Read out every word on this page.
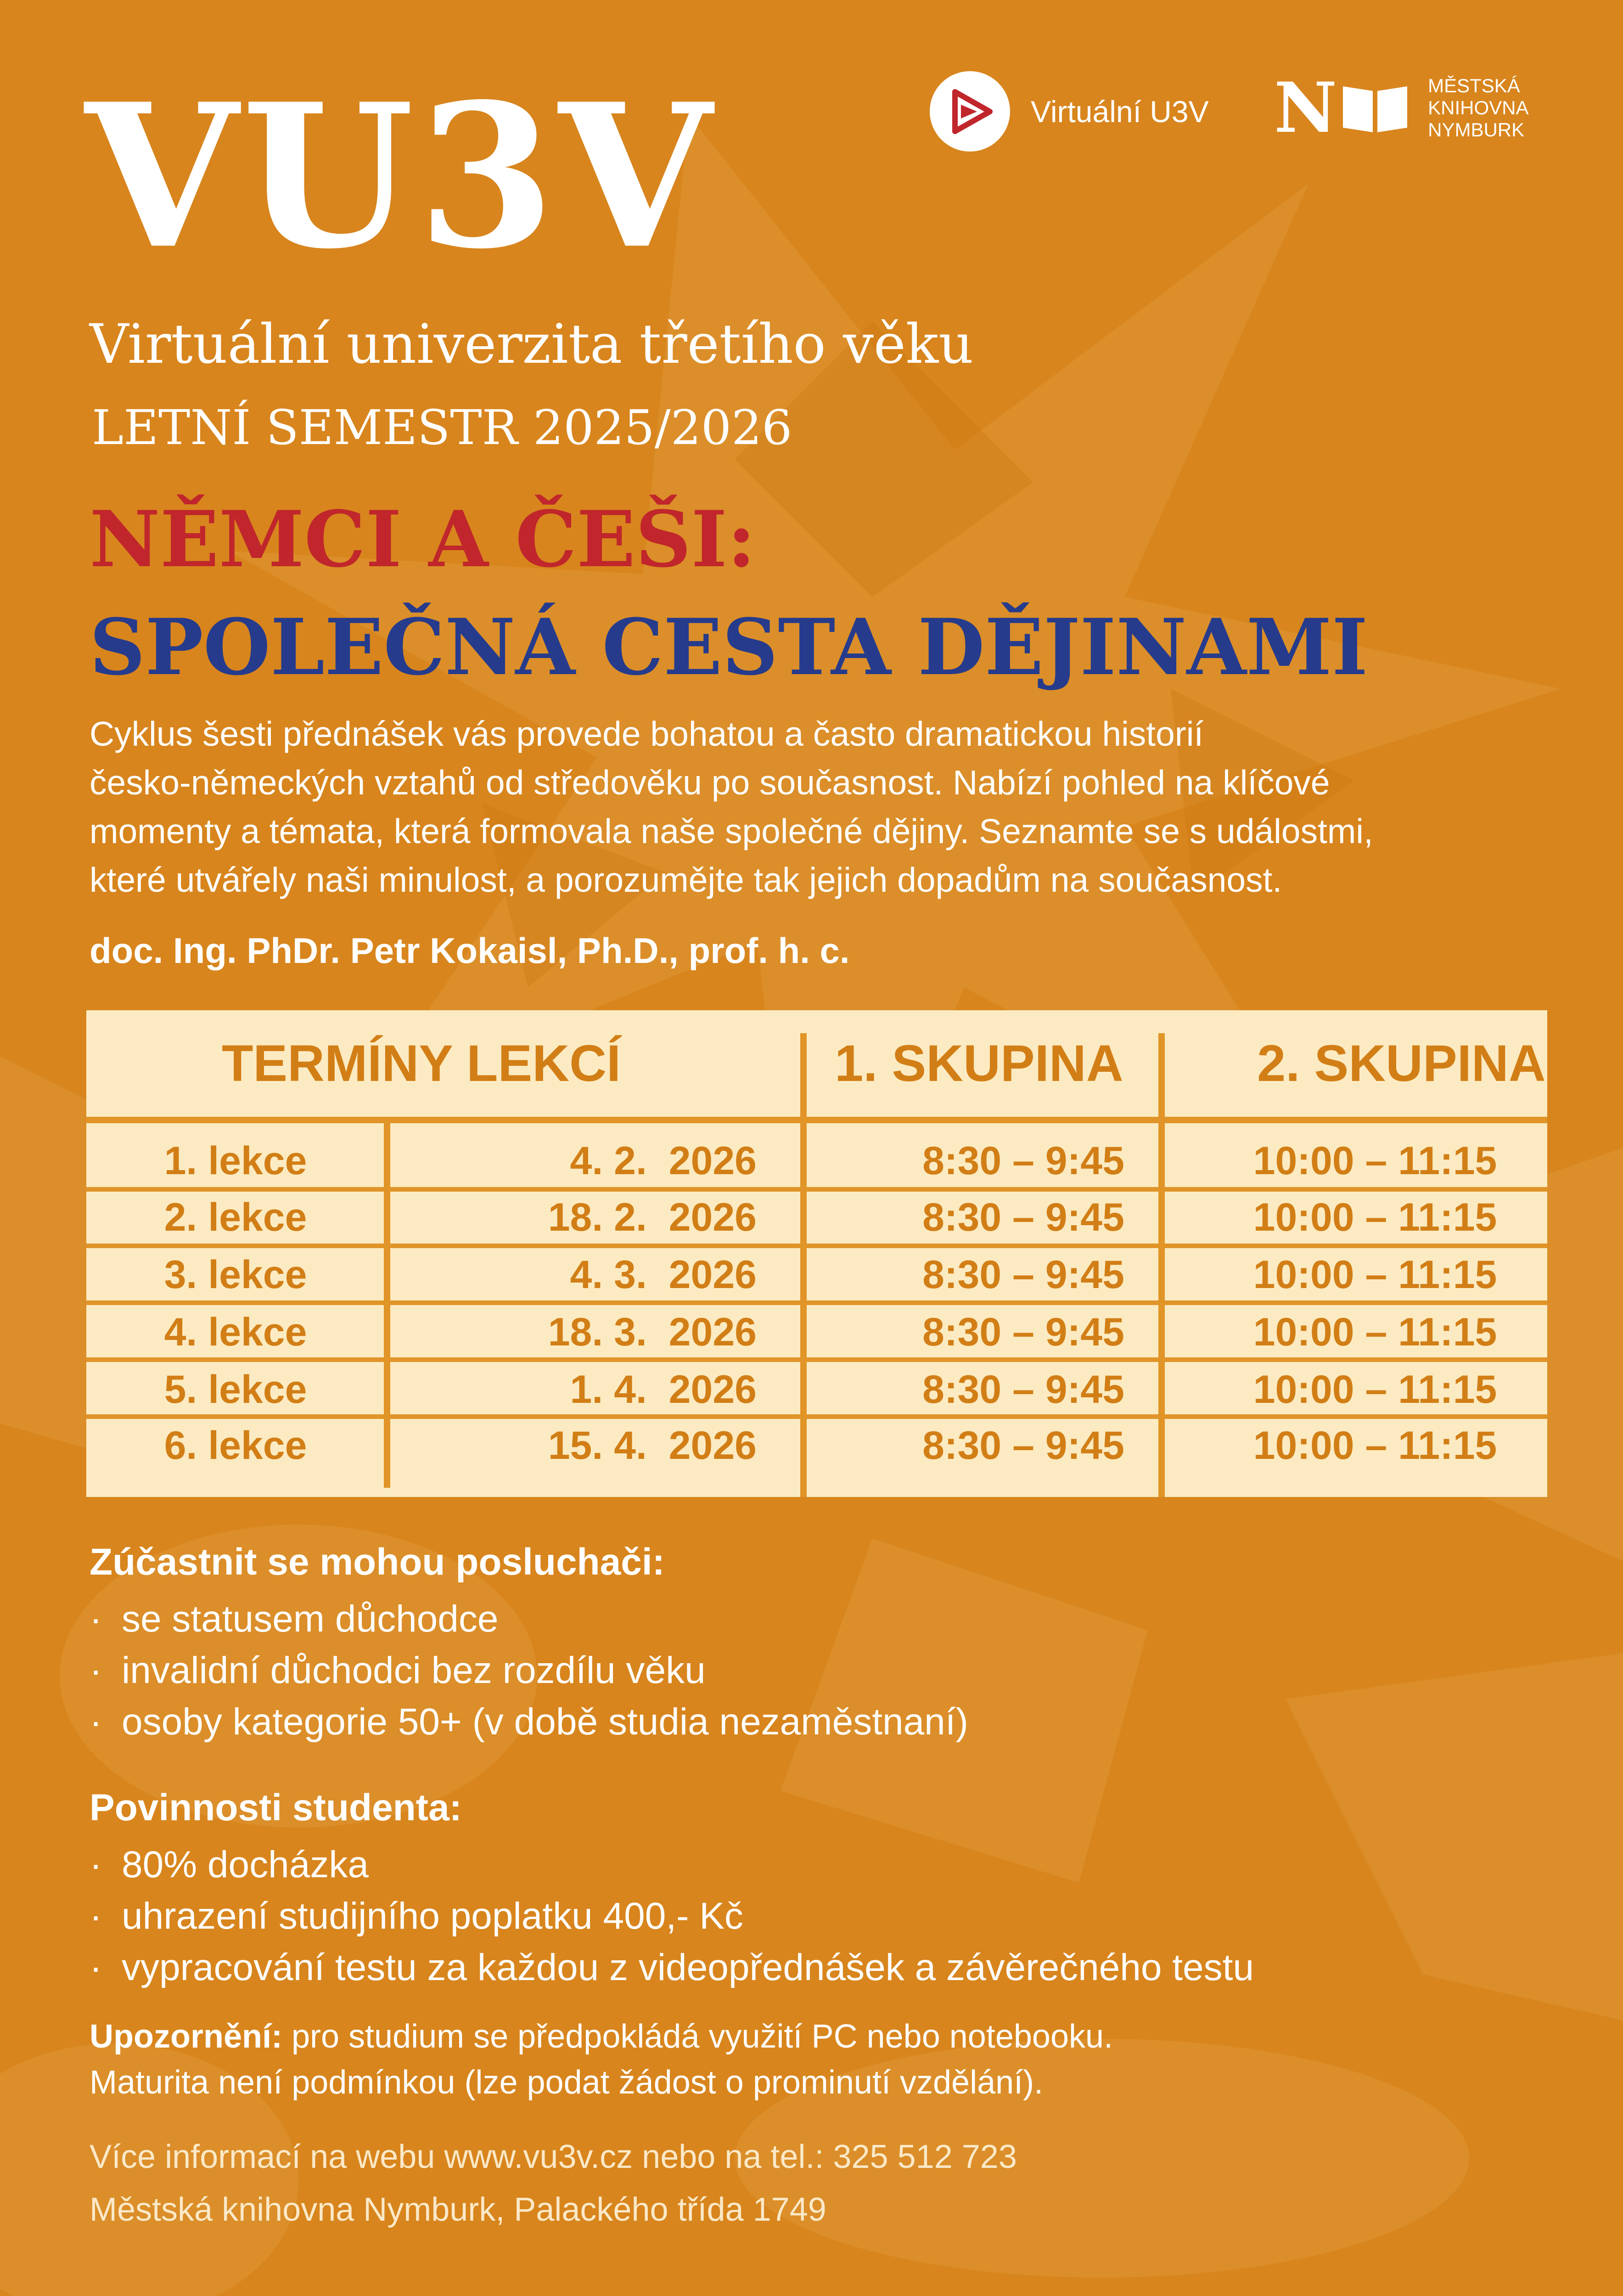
Virtuální U3V N	MĚSTSKÁ
KNIHOVNA
NYMBURK
VU3V
Virtuální univerzita třetího věku
LETNÍ SEMESTR 2025/2026
NĚMCI A ČEŠI:
SPOLEČNÁ CESTA DĚJINAMI
Cyklus šesti přednášek vás provede bohatou a často dramatickou historií
česko-německých vztahů od středověku po současnost. Nabízí pohled na klíčové
momenty a témata, která formovala naše společné dějiny. Seznamte se s událostmi,
které utvářely naši minulost, a porozumějte tak jejich dopadům na současnost.
doc. Ing. PhDr. Petr Kokaisl, Ph.D., prof. h. c.
TERMÍNY LEKCÍ	1. SKUPINA	2. SKUPINA
1. lekce	4. 2. 2026	8:30 – 9:45	10:00 – 11:15
2. lekce	18. 2. 2026	8:30 – 9:45	10:00 – 11:15
3. lekce	4. 3. 2026	8:30 – 9:45	10:00 – 11:15
4. lekce	18. 3. 2026	8:30 – 9:45	10:00 – 11:15
5. lekce	1. 4. 2026	8:30 – 9:45	10:00 – 11:15
6. lekce	15. 4. 2026	8:30 – 9:45	10:00 – 11:15
Zúčastnit se mohou posluchači:
· se statusem důchodce
· invalidní důchodci bez rozdílu věku
· osoby kategorie 50+ (v době studia nezaměstnaní)
Povinnosti studenta:
· 80% docházka
· uhrazení studijního poplatku 400,- Kč
· vypracování testu za každou z videopřednášek a závěrečného testu
Upozornění: pro studium se předpokládá využití PC nebo notebooku.
Maturita není podmínkou (lze podat žádost o prominutí vzdělání).
Více informací na webu www.vu3v.cz nebo na tel.: 325 512 723
Městská knihovna Nymburk, Palackého třída 1749
